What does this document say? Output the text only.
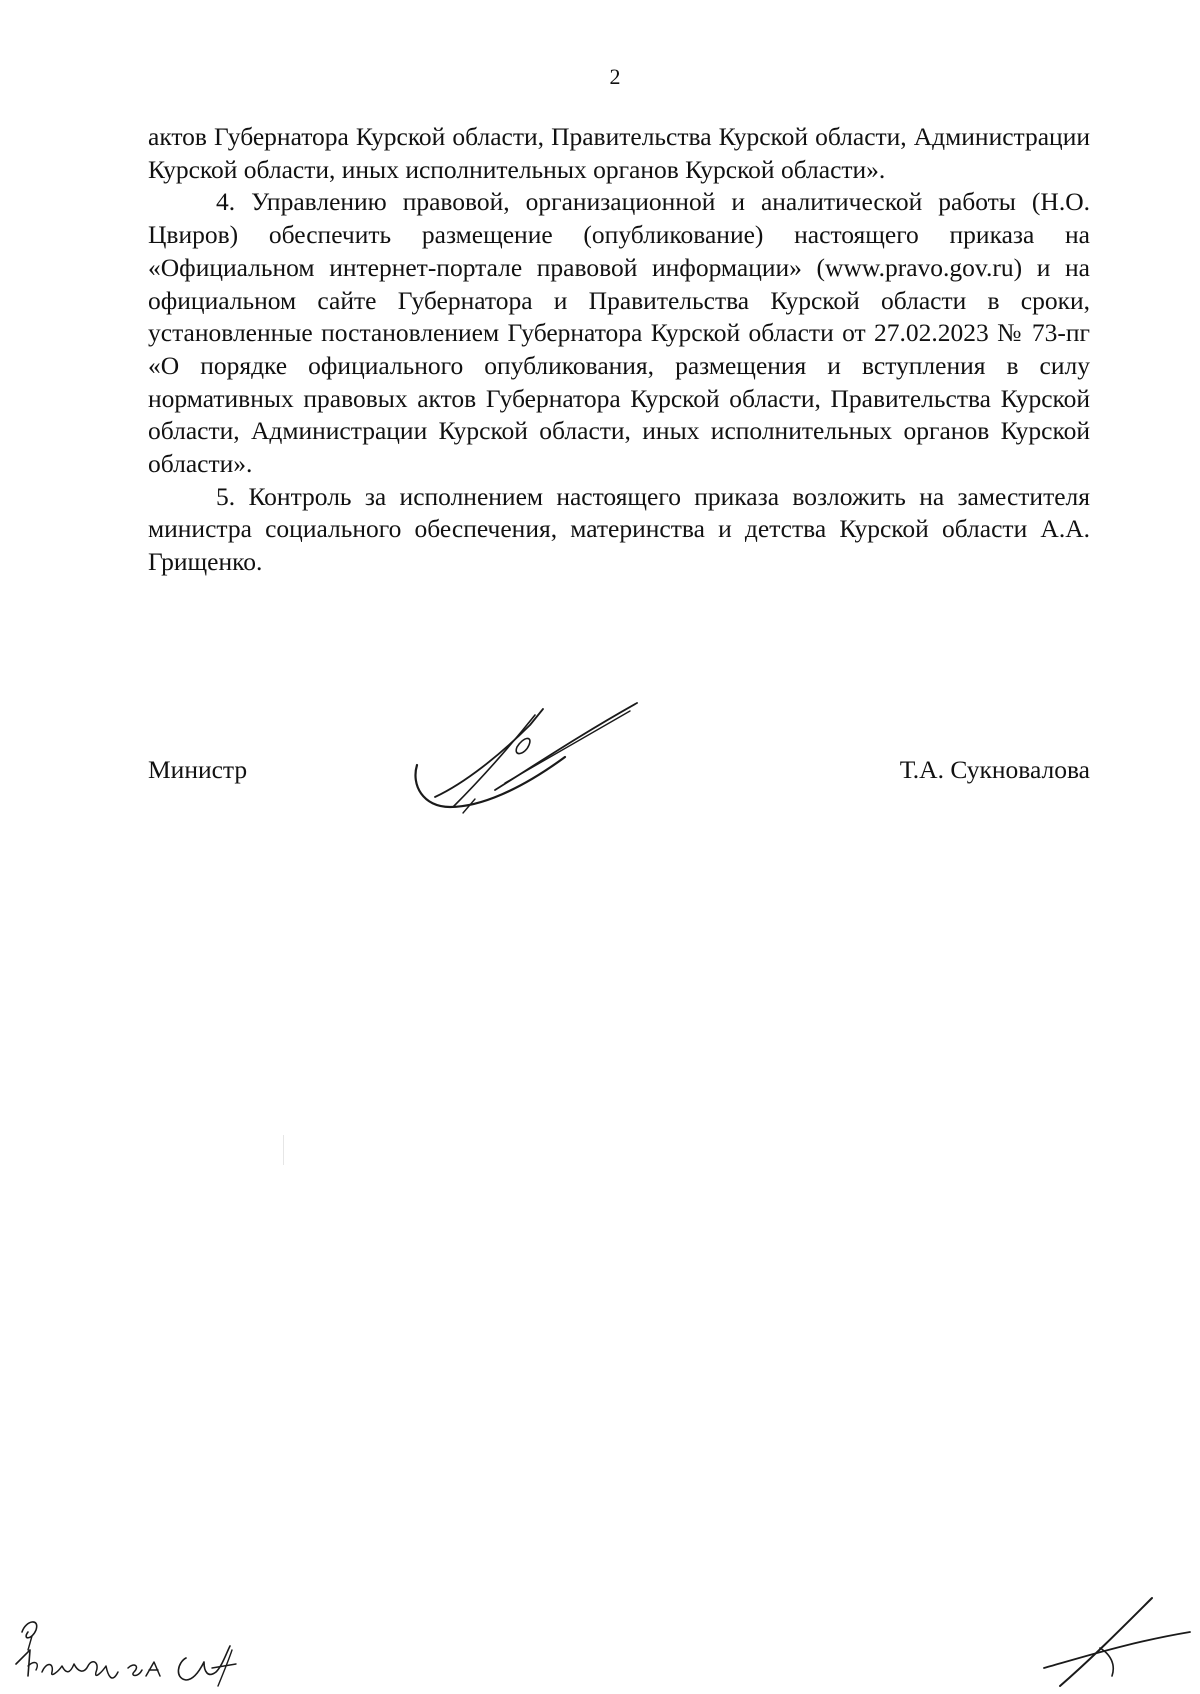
2

актов Губернатора Курской области, Правительства Курской области, Администрации Курской области, иных исполнительных органов Курской области».

4. Управлению правовой, организационной и аналитической работы (Н.О. Цвиров) обеспечить размещение (опубликование) настоящего приказа на «Официальном интернет-портале правовой информации» (www.pravo.gov.ru) и на официальном сайте Губернатора и Правительства Курской области в сроки, установленные постановлением Губернатора Курской области от 27.02.2023 № 73-пг «О порядке официального опубликования, размещения и вступления в силу нормативных правовых актов Губернатора Курской области, Правительства Курской области, Администрации Курской области, иных исполнительных органов Курской области».

5. Контроль за исполнением настоящего приказа возложить на заместителя министра социального обеспечения, материнства и детства Курской области А.А. Грищенко.

Министр	Т.А. Сукновалова
